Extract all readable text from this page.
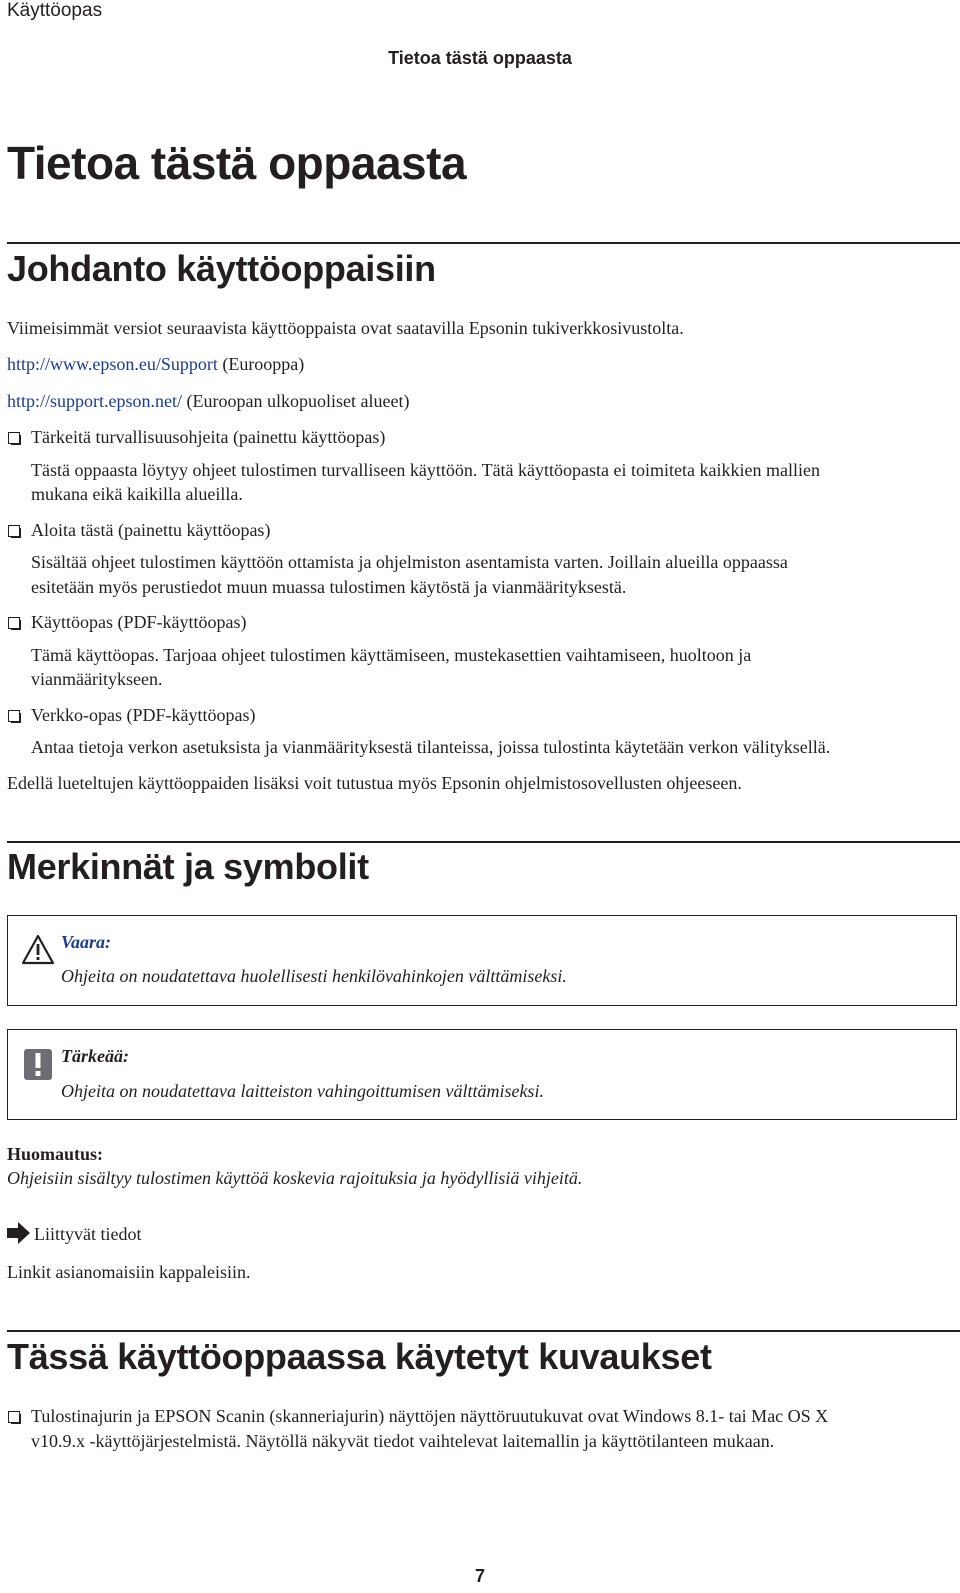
Käyttöopas
Tietoa tästä oppaasta
Tietoa tästä oppaasta
Johdanto käyttöoppaisiin
Viimeisimmät versiot seuraavista käyttöoppaista ovat saatavilla Epsonin tukiverkkosivustolta.
http://www.epson.eu/Support (Eurooppa)
http://support.epson.net/ (Euroopan ulkopuoliset alueet)
Tärkeitä turvallisuusohjeita (painettu käyttöopas)
Tästä oppaasta löytyy ohjeet tulostimen turvalliseen käyttöön. Tätä käyttöopasta ei toimiteta kaikkien mallien
mukana eikä kaikilla alueilla.
Aloita tästä (painettu käyttöopas)
Sisältää ohjeet tulostimen käyttöön ottamista ja ohjelmiston asentamista varten. Joillain alueilla oppaassa
esitetään myös perustiedot muun muassa tulostimen käytöstä ja vianmäärityksestä.
Käyttöopas (PDF-käyttöopas)
Tämä käyttöopas. Tarjoaa ohjeet tulostimen käyttämiseen, mustekasettien vaihtamiseen, huoltoon ja
vianmääritykseen.
Verkko-opas (PDF-käyttöopas)
Antaa tietoja verkon asetuksista ja vianmäärityksestä tilanteissa, joissa tulostinta käytetään verkon välityksellä.
Edellä lueteltujen käyttöoppaiden lisäksi voit tutustua myös Epsonin ohjelmistosovellusten ohjeeseen.
Merkinnät ja symbolit
Vaara:
Ohjeita on noudatettava huolellisesti henkilövahinkojen välttämiseksi.
Tärkeää:
Ohjeita on noudatettava laitteiston vahingoittumisen välttämiseksi.
Huomautus:
Ohjeisiin sisältyy tulostimen käyttöä koskevia rajoituksia ja hyödyllisiä vihjeitä.
Liittyvät tiedot
Linkit asianomaisiin kappaleisiin.
Tässä käyttöoppaassa käytetyt kuvaukset
Tulostinajurin ja EPSON Scanin (skanneriajurin) näyttöjen näyttöruutukuvat ovat Windows 8.1- tai Mac OS X
v10.9.x -käyttöjärjestelmistä. Näytöllä näkyvät tiedot vaihtelevat laitemallin ja käyttötilanteen mukaan.
7
